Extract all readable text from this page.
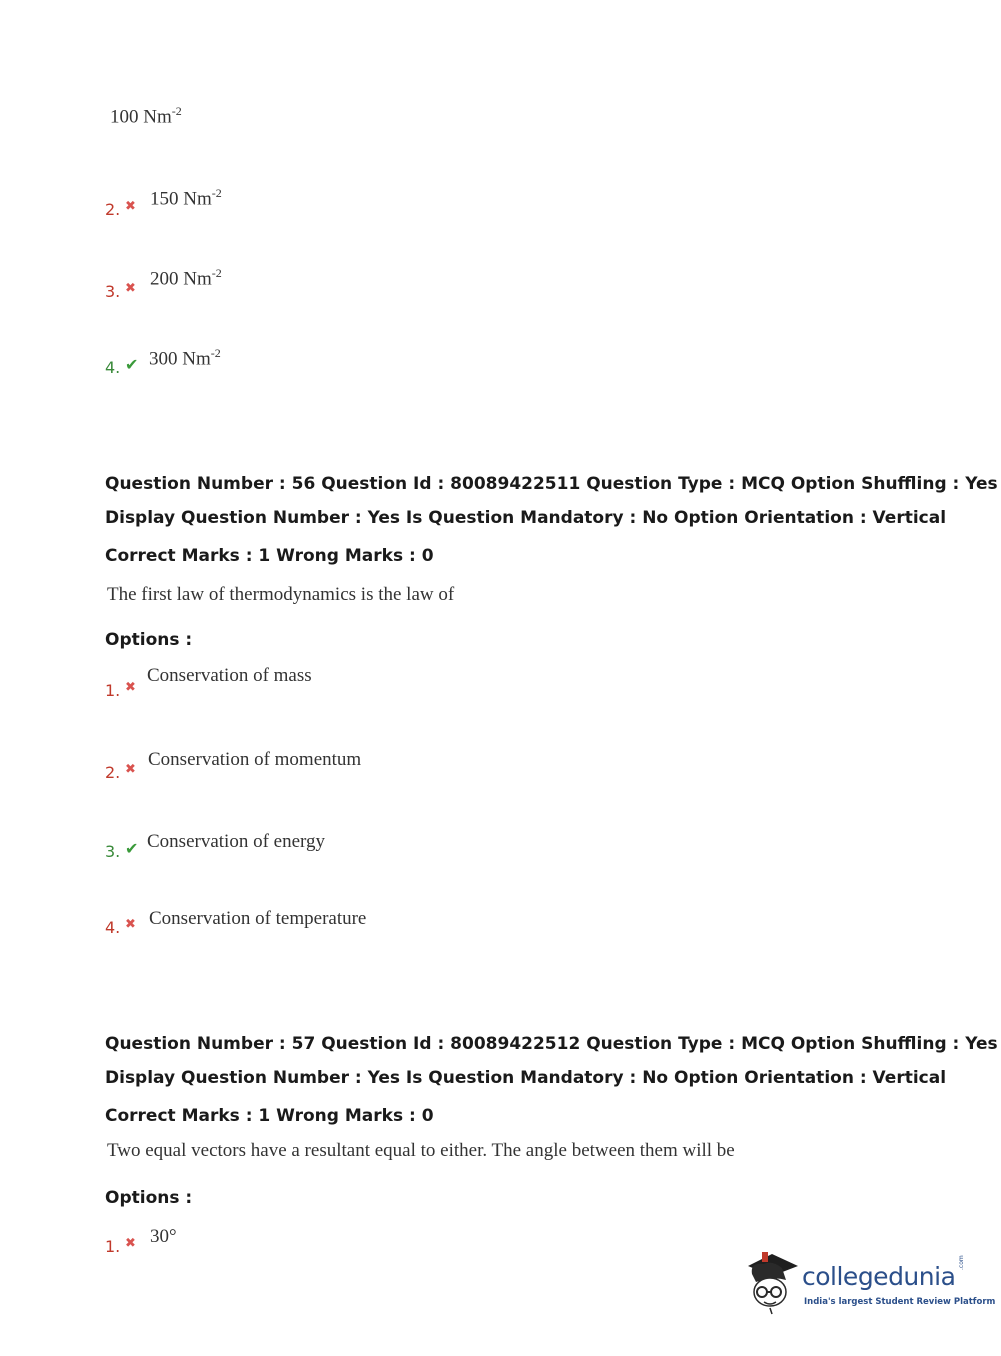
100 $Nm^{-2}$
2. ✖ 150 $Nm^{-2}$
3. ✖ 200 $Nm^{-2}$
4. ✔ 300 $Nm^{-2}$
Question Number : 56 Question Id : 80089422511 Question Type : MCQ Option Shuffling : Yes
Display Question Number : Yes Is Question Mandatory : No Option Orientation : Vertical
Correct Marks : 1 Wrong Marks : 0
The first law of thermodynamics is the law of
Options :
1. ✖
Conservation of mass
2. ✖ Conservation of momentum
3. ✔ Conservation of energy
4. ✖ Conservation of temperature
Question Number : 57 Question Id : 80089422512 Question Type : MCQ Option Shuffling : Yes
Display Question Number : Yes Is Question Mandatory : No Option Orientation : Vertical
Correct Marks : 1 Wrong Marks : 0
Two equal vectors have a resultant equal to either. The angle between them will be
Options :
1. ✖ 30°
collegedunia .com
India's largest Student Review Platform
